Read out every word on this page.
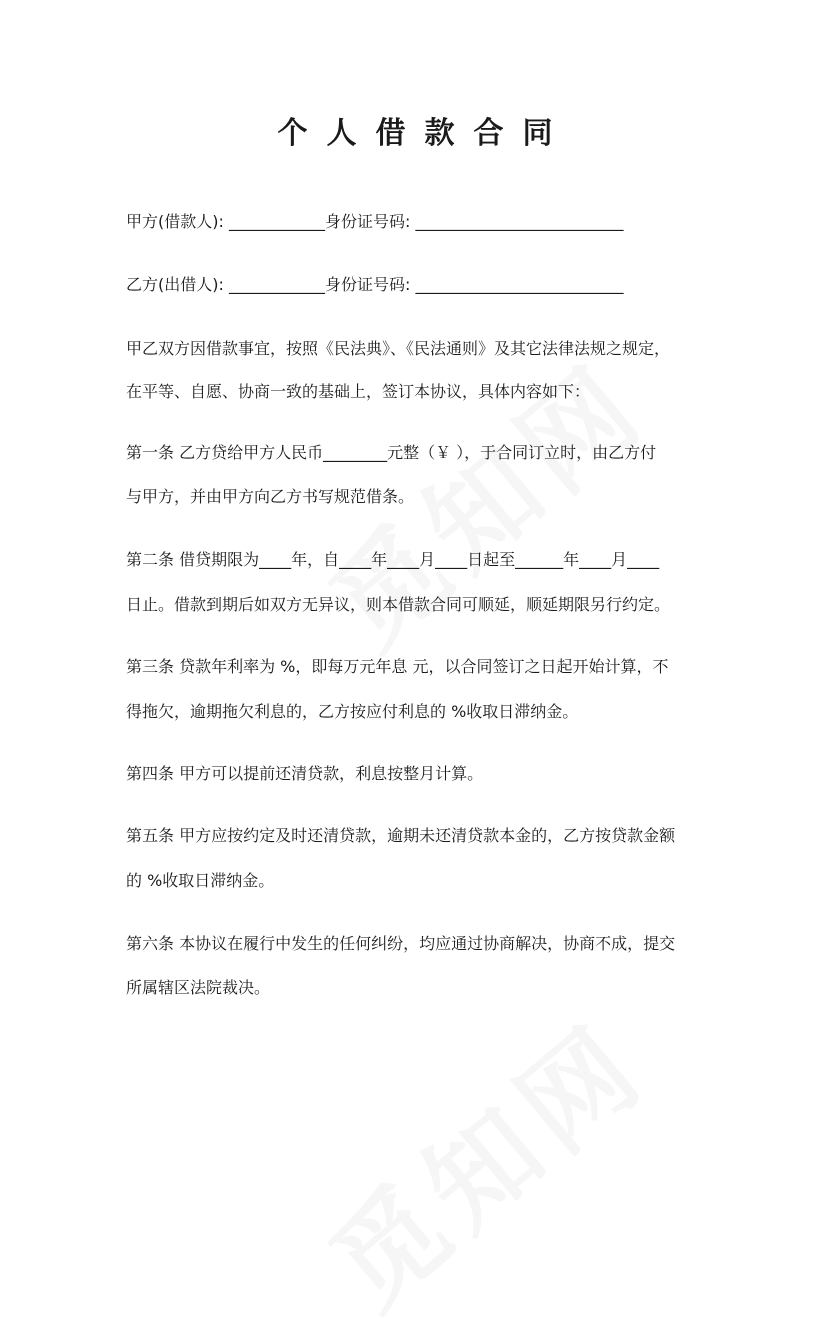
个人借款合同
甲方(借款人): ____________身份证号码: __________________________
乙方(出借人): ____________身份证号码: __________________________
甲乙双方因借款事宜，按照《民法典》、《民法通则》及其它法律法规之规定，
在平等、自愿、协商一致的基础上，签订本协议，具体内容如下：
第一条 乙方贷给甲方人民币________元整（￥ ），于合同订立时，由乙方付
与甲方，并由甲方向乙方书写规范借条。
第二条 借贷期限为____年，自____年____月____日起至______年____月____
日止。借款到期后如双方无异议，则本借款合同可顺延，顺延期限另行约定。
第三条 贷款年利率为 %，即每万元年息 元，以合同签订之日起开始计算，不
得拖欠，逾期拖欠利息的，乙方按应付利息的 %收取日滞纳金。
第四条 甲方可以提前还清贷款，利息按整月计算。
第五条 甲方应按约定及时还清贷款，逾期未还清贷款本金的，乙方按贷款金额
的 %收取日滞纳金。
第六条 本协议在履行中发生的任何纠纷，均应通过协商解决，协商不成，提交
所属辖区法院裁决。
